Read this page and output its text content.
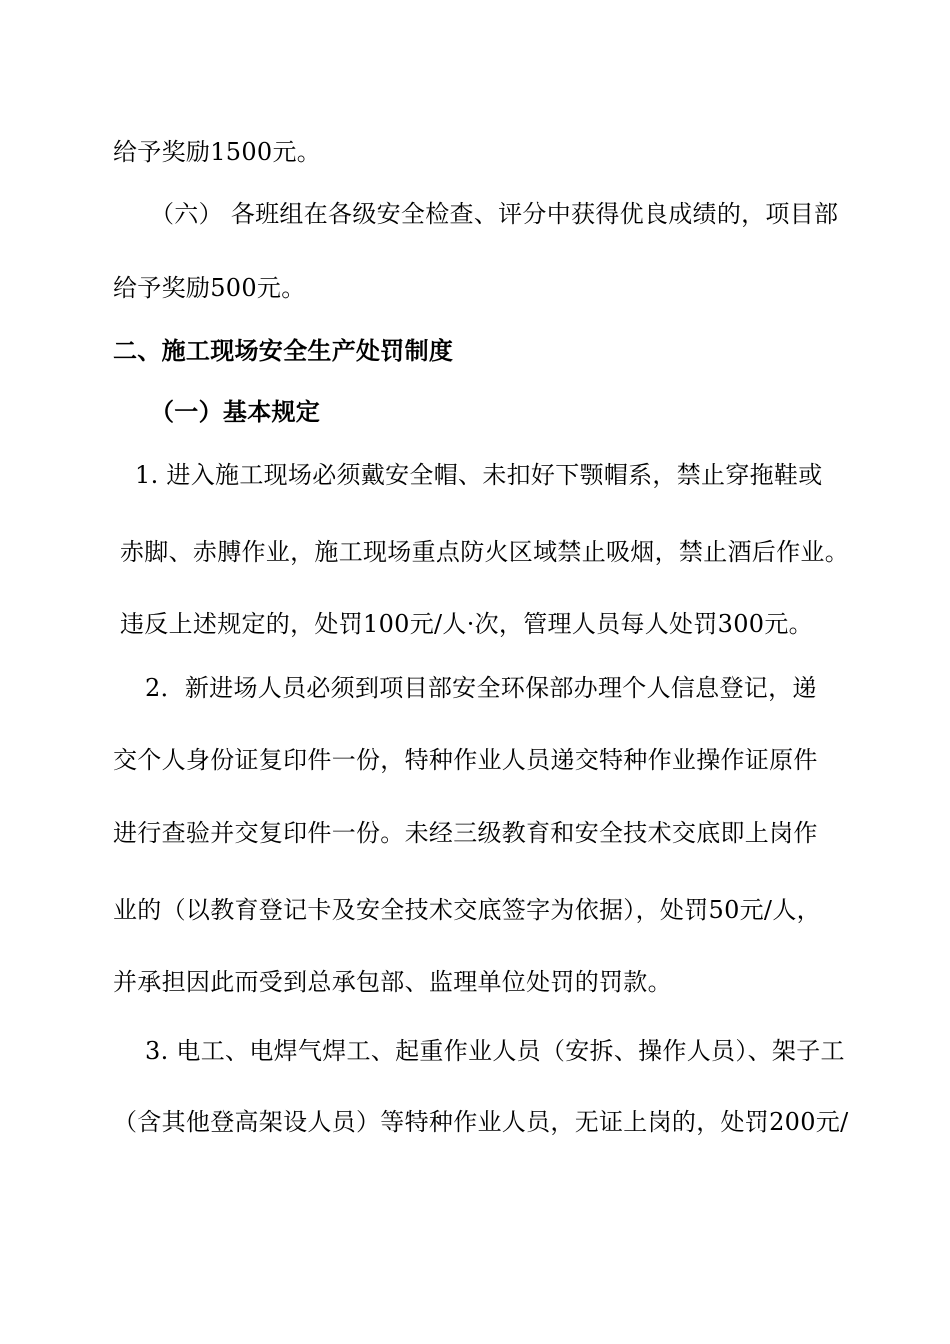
给予奖励1500元。
（六） 各班组在各级安全检查、评分中获得优良成绩的，项目部
给予奖励500元。
二、施工现场安全生产处罚制度
（一）基本规定
1. 进入施工现场必须戴安全帽、未扣好下颚帽系，禁止穿拖鞋或
赤脚、赤膊作业，施工现场重点防火区域禁止吸烟，禁止酒后作业。
违反上述规定的，处罚100元/人·次，管理人员每人处罚300元。
2．新进场人员必须到项目部安全环保部办理个人信息登记，递
交个人身份证复印件一份，特种作业人员递交特种作业操作证原件
进行查验并交复印件一份。未经三级教育和安全技术交底即上岗作
业的（以教育登记卡及安全技术交底签字为依据），处罚50元/人，
并承担因此而受到总承包部、监理单位处罚的罚款。
3. 电工、电焊气焊工、起重作业人员（安拆、操作人员）、架子工
（含其他登高架设人员）等特种作业人员，无证上岗的，处罚200元/
